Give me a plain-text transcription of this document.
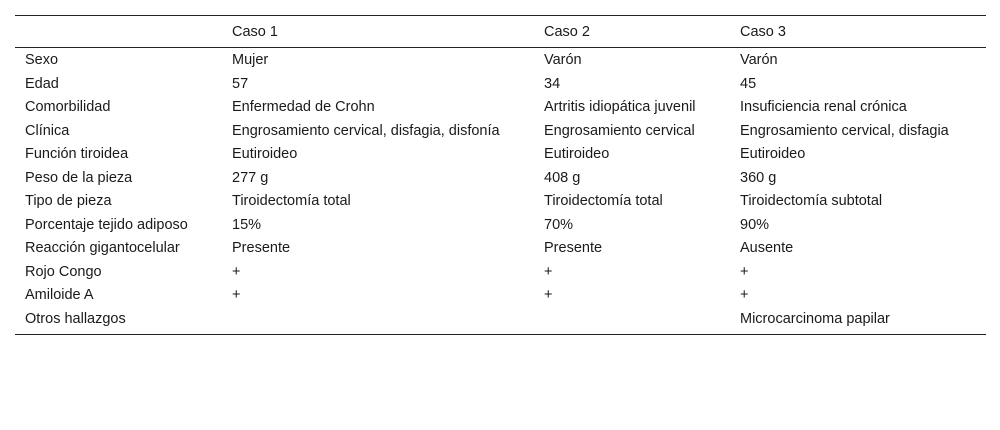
	Caso 1	Caso 2	Caso 3
Sexo	Mujer	Varón	Varón
Edad	57	34	45
Comorbilidad	Enfermedad de Crohn	Artritis idiopática juvenil	Insuficiencia renal crónica
Clínica	Engrosamiento cervical, disfagia, disfonía	Engrosamiento cervical	Engrosamiento cervical, disfagia
Función tiroidea	Eutiroideo	Eutiroideo	Eutiroideo
Peso de la pieza	277 g	408 g	360 g
Tipo de pieza	Tiroidectomía total	Tiroidectomía total	Tiroidectomía subtotal
Porcentaje tejido adiposo	15%	70%	90%
Reacción gigantocelular	Presente	Presente	Ausente
Rojo Congo	+	+	+
Amiloide A	+	+	+
Otros hallazgos			Microcarcinoma papilar
